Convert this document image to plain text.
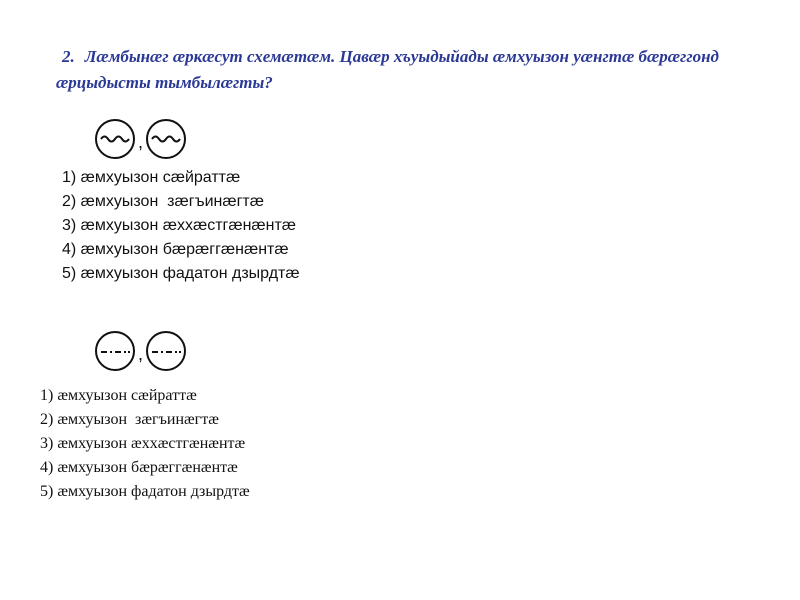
2. Лæмбынæг æркæсут схемæтæм. Цавæр хъуыдыйады æмхуызон уæнгтæ бæрæггонд æрцыдысты тымбылæгты?
,
1) æмхуызон сæйраттæ
2) æмхуызон  зæгъинæгтæ
3) æмхуызон æххæстгæнæнтæ
4) æмхуызон бæрæггæнæнтæ
5) æмхуызон фадатон дзырдтæ
,
1) æмхуызон сæйраттæ
2) æмхуызон  зæгъинæгтæ
3) æмхуызон æххæстгæнæнтæ
4) æмхуызон бæрæггæнæнтæ
5) æмхуызон фадатон дзырдтæ
